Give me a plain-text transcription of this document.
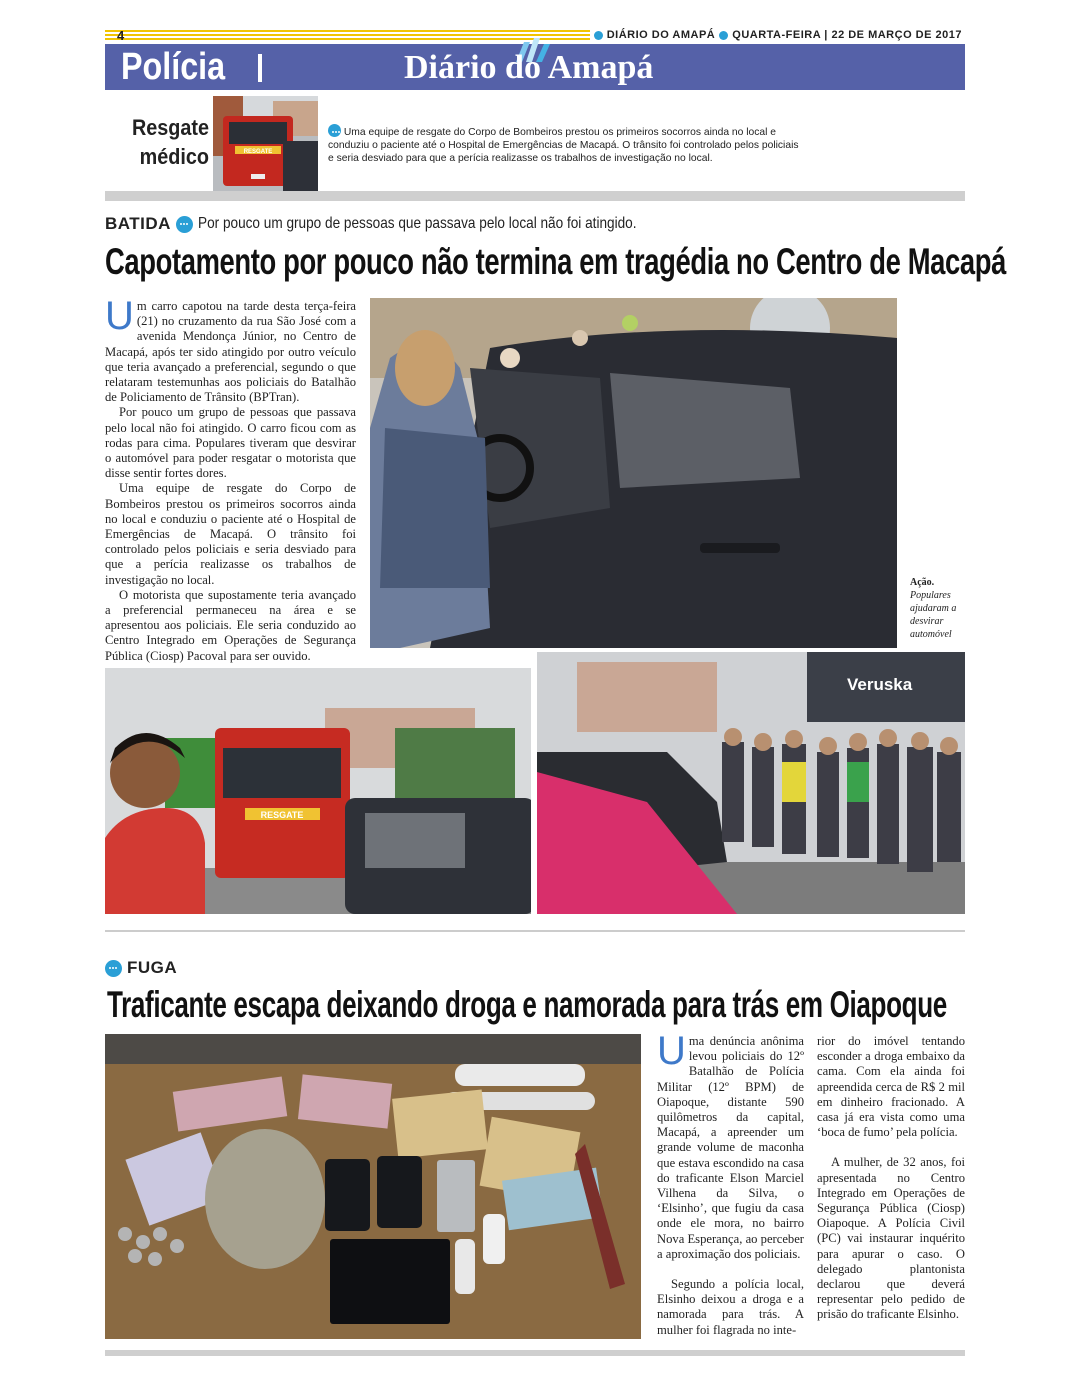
4	DIÁRIO DO AMAPÁ QUARTA-FEIRA | 22 DE MARÇO DE 2017
Polícia	Diário do Amapá
Resgate
médico	RESGATE
Uma equipe de resgate do Corpo de Bombeiros prestou os primeiros socorros ainda no local e conduziu o paciente até o Hospital de Emergências de Macapá. O trânsito foi controlado pelos policiais e seria desviado para que a perícia realizasse os trabalhos de investigação no local.
BATIDA Por pouco um grupo de pessoas que passava pelo local não foi atingido.
Capotamento por pouco não termina em tragédia no Centro de Macapá

Um carro capotou na tarde desta terça-feira (21) no cruzamento da rua São José com a avenida Mendonça Júnior, no Centro de Macapá, após ter sido atingido por outro veículo que teria avançado a preferencial, segundo o que relataram testemunhas aos policiais do Batalhão de Policiamento de Trânsito (BPTran).

Por pouco um grupo de pessoas que passava pelo local não foi atingido. O carro ficou com as rodas para cima. Populares tiveram que desvirar o automóvel para poder resgatar o motorista que disse sentir fortes dores.

Uma equipe de resgate do Corpo de Bombeiros prestou os primeiros socorros ainda no local e conduziu o paciente até o Hospital de Emergências de Macapá. O trânsito foi controlado pelos policiais e seria desviado para que a perícia realizasse os trabalhos de investigação no local.

O motorista que supostamente teria avançado a preferencial permaneceu na área e se apresentou aos policiais. Ele seria conduzido ao Centro Integrado em Operações de Segurança Pública (Ciosp) Pacoval para ser ouvido.

Ação.
Populares ajudaram a desvirar automóvel
RESGATE
Veruska
FUGA
Traficante escapa deixando droga e namorada para trás em Oiapoque

Uma denúncia anônima levou policiais do 12º Batalhão de Polícia Militar (12º BPM) de Oiapoque, distante 590 quilômetros da capital, Macapá, a apreender um grande volume de maconha que estava escondido na casa do traficante Elson Marciel Vilhena da Silva, o ‘Elsinho’, que fugiu da casa onde ele mora, no bairro Nova Esperança, ao perceber a aproximação dos policiais.

Segundo a polícia local, Elsinho deixou a droga e a namorada para trás. A mulher foi flagrada no inte-

rior do imóvel tentando esconder a droga embaixo da cama. Com ela ainda foi apreendida cerca de R$ 2 mil em dinheiro fracionado. A casa já era vista como uma ‘boca de fumo’ pela polícia.

A mulher, de 32 anos, foi apresentada no Centro Integrado em Operações de Segurança Pública (Ciosp) Oiapoque. A Polícia Civil (PC) vai instaurar inquérito para apurar o caso. O delegado plantonista declarou que deverá representar pelo pedido de prisão do traficante Elsinho.
